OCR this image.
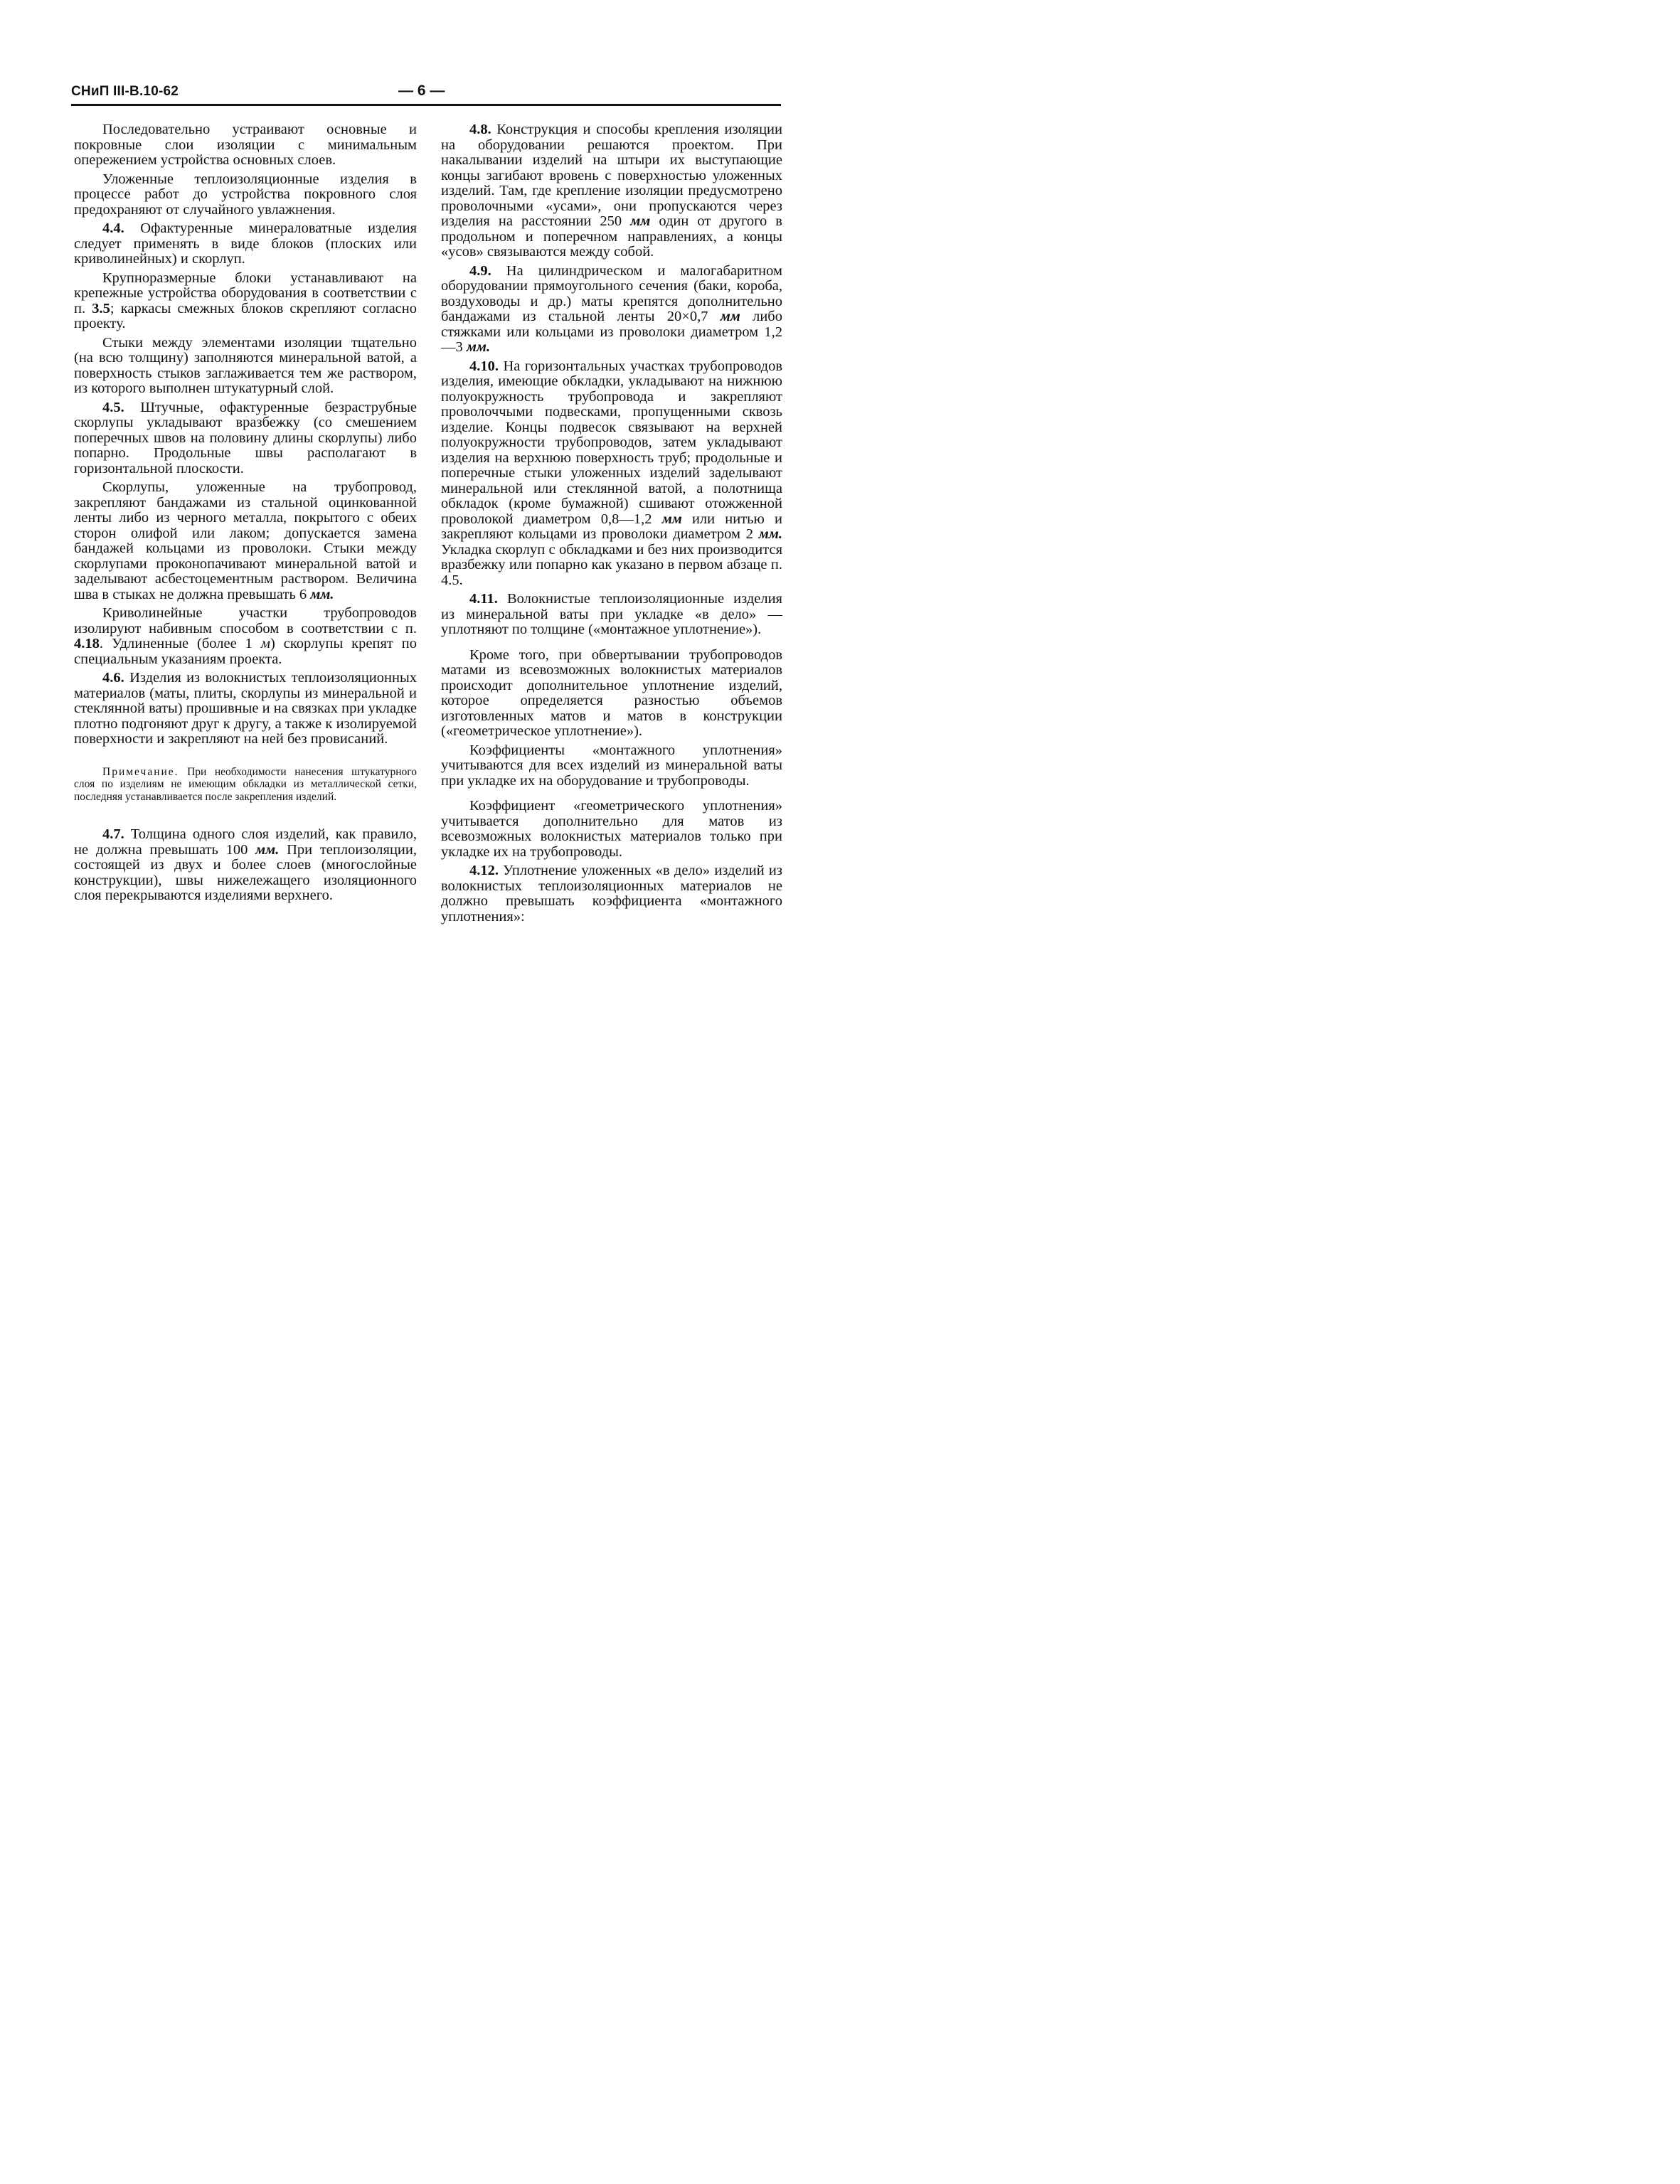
СНиП III-В.10-62	— 6 —

Последовательно устраивают основные и покровные слои изоляции с минимальным опережением устройства основных слоев.

Уложенные теплоизоляционные изделия в процессе работ до устройства покровного слоя предохраняют от случайного увлажнения.

4.4. Офактуренные минераловатные изделия следует применять в виде блоков (плоских или криволинейных) и скорлуп.

Крупноразмерные блоки устанавливают на крепежные устройства оборудования в соответствии с п. 3.5; каркасы смежных блоков скрепляют согласно проекту.

Стыки между элементами изоляции тщательно (на всю толщину) заполняются минеральной ватой, а поверхность стыков заглаживается тем же раствором, из которого выполнен штукатурный слой.

4.5. Штучные, офактуренные безраструбные скорлупы укладывают вразбежку (со смешением поперечных швов на половину длины скорлупы) либо попарно. Продольные швы располагают в горизонтальной плоскости.

Скорлупы, уложенные на трубопровод, закрепляют бандажами из стальной оцинкованной ленты либо из черного металла, покрытого с обеих сторон олифой или лаком; допускается замена бандажей кольцами из проволоки. Стыки между скорлупами проконопачивают минеральной ватой и заделывают асбестоцементным раствором. Величина шва в стыках не должна превышать 6 мм.

Криволинейные участки трубопроводов изолируют набивным способом в соответствии с п. 4.18. Удлиненные (более 1 м) скорлупы крепят по специальным указаниям проекта.

4.6. Изделия из волокнистых теплоизоляционных материалов (маты, плиты, скорлупы из минеральной и стеклянной ваты) прошивные и на связках при укладке плотно подгоняют друг к другу, а также к изолируемой поверхности и закрепляют на ней без провисаний.

Примечание. При необходимости нанесения штукатурного слоя по изделиям не имеющим обкладки из металлической сетки, последняя устанавливается после закрепления изделий.

4.7. Толщина одного слоя изделий, как правило, не должна превышать 100 мм. При теплоизоляции, состоящей из двух и более слоев (многослойные конструкции), швы нижележащего изоляционного слоя перекрываются изделиями верхнего.

4.8. Конструкция и способы крепления изоляции на оборудовании решаются проектом. При накалывании изделий на штыри их выступающие концы загибают вровень с поверхностью уложенных изделий. Там, где крепление изоляции предусмотрено проволочными «усами», они пропускаются через изделия на расстоянии 250 мм один от другого в продольном и поперечном направлениях, а концы «усов» связываются между собой.

4.9. На цилиндрическом и малогабаритном оборудовании прямоугольного сечения (баки, короба, воздуховоды и др.) маты крепятся дополнительно бандажами из стальной ленты 20×0,7 мм либо стяжками или кольцами из проволоки диаметром 1,2—3 мм.

4.10. На горизонтальных участках трубопроводов изделия, имеющие обкладки, укладывают на нижнюю полуокружность трубопровода и закрепляют проволоччыми подвесками, пропущенными сквозь изделие. Концы подвесок связывают на верхней полуокружности трубопроводов, затем укладывают изделия на верхнюю поверхность труб; продольные и поперечные стыки уложенных изделий заделывают минеральной или стеклянной ватой, а полотнища обкладок (кроме бумажной) сшивают отожженной проволокой диаметром 0,8—1,2 мм или нитью и закрепляют кольцами из проволоки диаметром 2 мм. Укладка скорлуп с обкладками и без них производится вразбежку или попарно как указано в первом абзаце п. 4.5.

4.11. Волокнистые теплоизоляционные изделия из минеральной ваты при укладке «в дело» — уплотняют по толщине («монтажное уплотнение»).

Кроме того, при обвертывании трубопроводов матами из всевозможных волокнистых материалов происходит дополнительное уплотнение изделий, которое определяется разностью объемов изготовленных матов и матов в конструкции («геометрическое уплотнение»).

Коэффициенты «монтажного уплотнения» учитываются для всех изделий из минеральной ваты при укладке их на оборудование и трубопроводы.

Коэффициент «геометрического уплотнения» учитывается дополнительно для матов из всевозможных волокнистых материалов только при укладке их на трубопроводы.

4.12. Уплотнение уложенных «в дело» изделий из волокнистых теплоизоляционных материалов не должно превышать коэффициента «монтажного уплотнения»:
